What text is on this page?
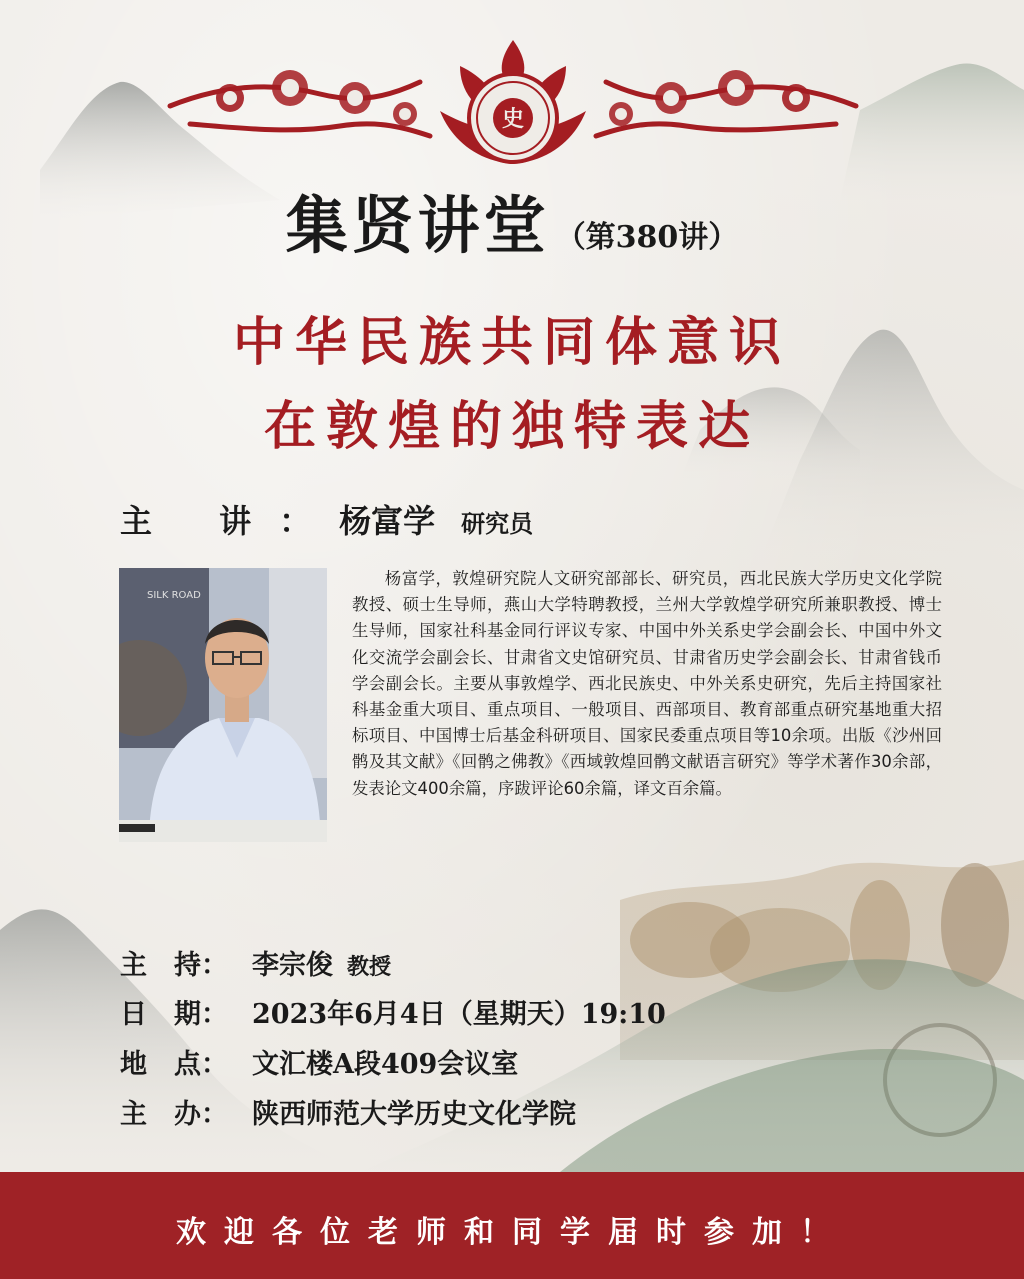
史
集贤讲堂 （第380讲）
中华民族共同体意识
在敦煌的独特表达
主 讲：杨富学 研究员
SILK ROAD
杨富学，敦煌研究院人文研究部部长、研究员，西北民族大学历史文化学院教授、硕士生导师，燕山大学特聘教授，兰州大学敦煌学研究所兼职教授、博士生导师，国家社科基金同行评议专家、中国中外关系史学会副会长、中国中外文化交流学会副会长、甘肃省文史馆研究员、甘肃省历史学会副会长、甘肃省钱币学会副会长。主要从事敦煌学、西北民族史、中外关系史研究，先后主持国家社科基金重大项目、重点项目、一般项目、西部项目、教育部重点研究基地重大招标项目、中国博士后基金科研项目、国家民委重点项目等10余项。出版《沙州回鹘及其文献》《回鹘之佛教》《西域敦煌回鹘文献语言研究》等学术著作30余部，发表论文400余篇，序跋评论60余篇，译文百余篇。
主　持： 李宗俊 教授
日　期： 2023年6月4日（星期天）19:10
地　点： 文汇楼A段409会议室
主　办： 陕西师范大学历史文化学院
欢迎各位老师和同学届时参加！
